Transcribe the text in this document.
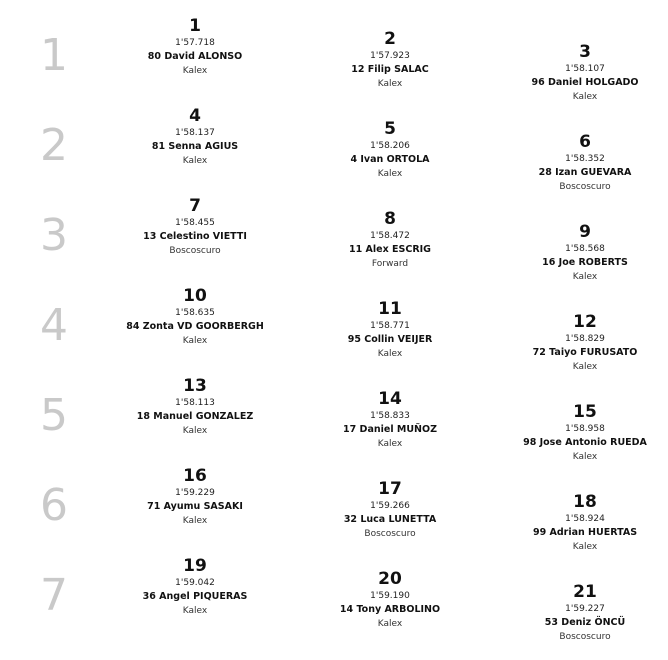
1
2
3
4
5
6
7
1
1'57.718
80 David ALONSO
Kalex
2
1'57.923
12 Filip SALAC
Kalex
3
1'58.107
96 Daniel HOLGADO
Kalex
4
1'58.137
81 Senna AGIUS
Kalex
5
1'58.206
4 Ivan ORTOLA
Kalex
6
1'58.352
28 Izan GUEVARA
Boscoscuro
7
1'58.455
13 Celestino VIETTI
Boscoscuro
8
1'58.472
11 Alex ESCRIG
Forward
9
1'58.568
16 Joe ROBERTS
Kalex
10
1'58.635
84 Zonta VD GOORBERGH
Kalex
11
1'58.771
95 Collin VEIJER
Kalex
12
1'58.829
72 Taiyo FURUSATO
Kalex
13
1'58.113
18 Manuel GONZALEZ
Kalex
14
1'58.833
17 Daniel MUÑOZ
Kalex
15
1'58.958
98 Jose Antonio RUEDA
Kalex
16
1'59.229
71 Ayumu SASAKI
Kalex
17
1'59.266
32 Luca LUNETTA
Boscoscuro
18
1'58.924
99 Adrian HUERTAS
Kalex
19
1'59.042
36 Angel PIQUERAS
Kalex
20
1'59.190
14 Tony ARBOLINO
Kalex
21
1'59.227
53 Deniz ÖNCÜ
Boscoscuro
